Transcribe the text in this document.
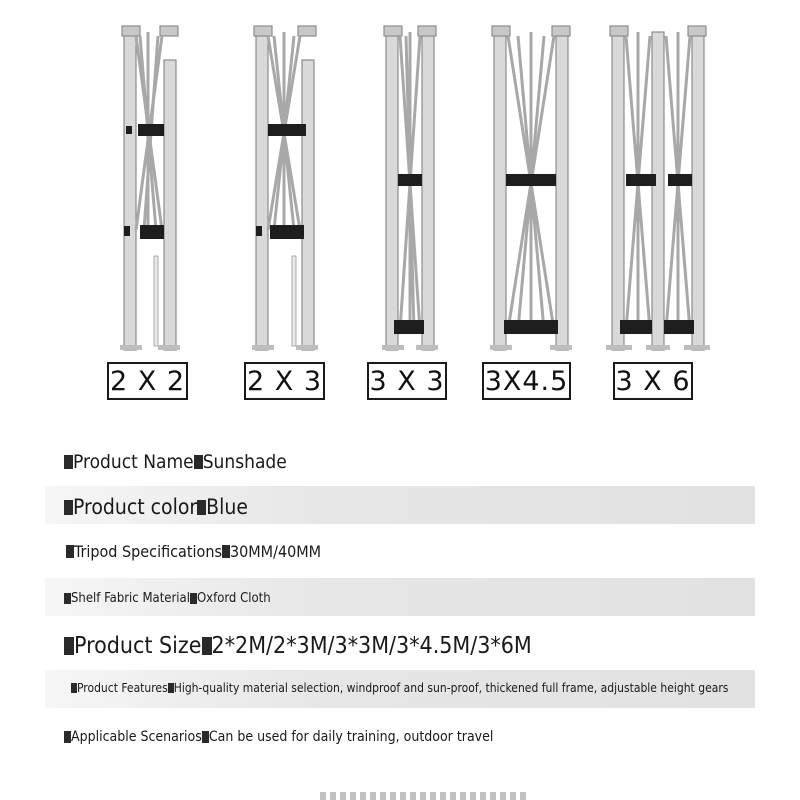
2 X 2 2 X 3 3 X 3 3X4.5 3 X 6
Product Name Sunshade
Product color Blue
Tripod Specifications 30MM/40MM
Shelf Fabric Material Oxford Cloth
Product Size 2*2M/2*3M/3*3M/3*4.5M/3*6M
Product Features High-quality material selection, windproof and sun-proof, thickened full frame, adjustable height gears
Applicable Scenarios Can be used for daily training, outdoor travel
